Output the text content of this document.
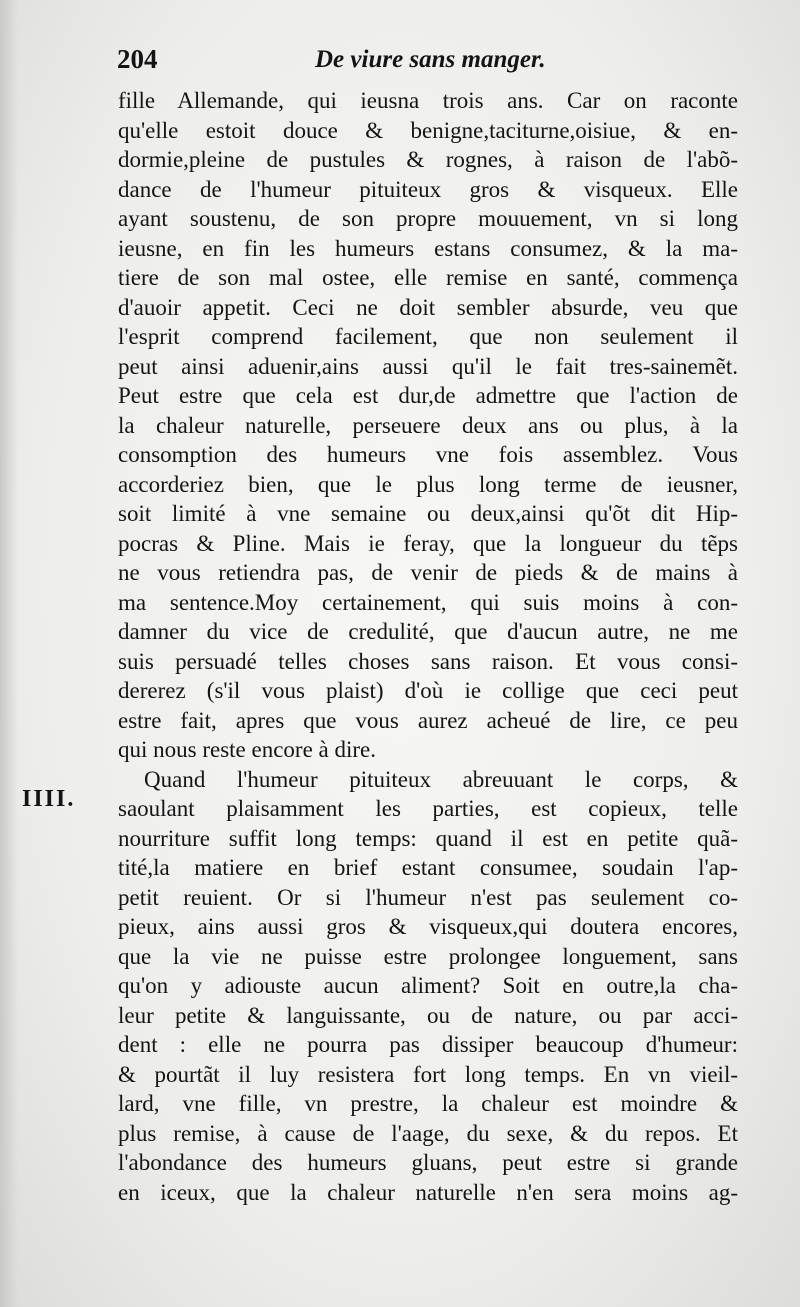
204	De viure sans manger.
IIII.
fille Allemande, qui ieusna trois ans. Car on raconte
qu'elle estoit douce & benigne,taciturne,oisiue, & en-
dormie,pleine de pustules & rognes, à raison de l'abõ-
dance de l'humeur pituiteux gros & visqueux. Elle
ayant soustenu, de son propre mouuement, vn si long
ieusne, en fin les humeurs estans consumez, & la ma-
tiere de son mal ostee, elle remise en santé, commença
d'auoir appetit. Ceci ne doit sembler absurde, veu que
l'esprit comprend facilement, que non seulement il
peut ainsi aduenir,ains aussi qu'il le fait tres-sainemẽt.
Peut estre que cela est dur,de admettre que l'action de
la chaleur naturelle, perseuere deux ans ou plus, à la
consomption des humeurs vne fois assemblez. Vous
accorderiez bien, que le plus long terme de ieusner,
soit limité à vne semaine ou deux,ainsi qu'õt dit Hip-
pocras & Pline. Mais ie feray, que la longueur du tẽps
ne vous retiendra pas, de venir de pieds & de mains à
ma sentence.Moy certainement, qui suis moins à con-
damner du vice de credulité, que d'aucun autre, ne me
suis persuadé telles choses sans raison. Et vous consi-
dererez (s'il vous plaist) d'où ie collige que ceci peut
estre fait, apres que vous aurez acheué de lire, ce peu
qui nous reste encore à dire.
Quand l'humeur pituiteux abreuuant le corps, &
saoulant plaisamment les parties, est copieux, telle
nourriture suffit long temps: quand il est en petite quã-
tité,la matiere en brief estant consumee, soudain l'ap-
petit reuient. Or si l'humeur n'est pas seulement co-
pieux, ains aussi gros & visqueux,qui doutera encores,
que la vie ne puisse estre prolongee longuement, sans
qu'on y adiouste aucun aliment? Soit en outre,la cha-
leur petite & languissante, ou de nature, ou par acci-
dent : elle ne pourra pas dissiper beaucoup d'humeur:
& pourtãt il luy resistera fort long temps. En vn vieil-
lard, vne fille, vn prestre, la chaleur est moindre &
plus remise, à cause de l'aage, du sexe, & du repos. Et
l'abondance des humeurs gluans, peut estre si grande
en iceux, que la chaleur naturelle n'en sera moins ag-
